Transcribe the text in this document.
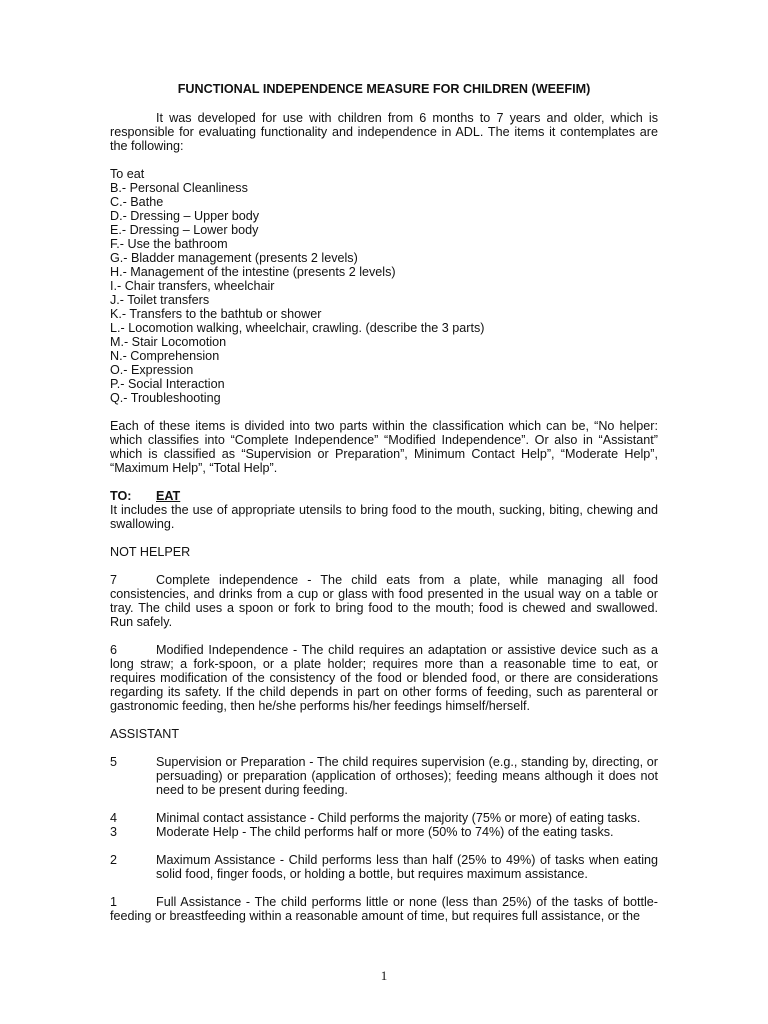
FUNCTIONAL INDEPENDENCE MEASURE FOR CHILDREN (WEEFIM)

It was developed for use with children from 6 months to 7 years and older, which is responsible for evaluating functionality and independence in ADL. The items it contemplates are the following:

To eat
B.- Personal Cleanliness
C.- Bathe
D.- Dressing – Upper body
E.- Dressing – Lower body
F.- Use the bathroom
G.- Bladder management (presents 2 levels)
H.- Management of the intestine (presents 2 levels)
I.- Chair transfers, wheelchair
J.- Toilet transfers
K.- Transfers to the bathtub or shower
L.- Locomotion walking, wheelchair, crawling. (describe the 3 parts)
M.- Stair Locomotion
N.- Comprehension
O.- Expression
P.- Social Interaction
Q.- Troubleshooting

Each of these items is divided into two parts within the classification which can be, “No helper: which classifies into “Complete Independence” “Modified Independence”. Or also in “Assistant” which is classified as “Supervision or Preparation”, Minimum Contact Help”, “Moderate Help”, “Maximum Help”, “Total Help”.

TO: EAT

It includes the use of appropriate utensils to bring food to the mouth, sucking, biting, chewing and swallowing.

NOT HELPER

7	Complete independence - The child eats from a plate, while managing all food consistencies, and drinks from a cup or glass with food presented in the usual way on a table or tray. The child uses a spoon or fork to bring food to the mouth; food is chewed and swallowed. Run safely.
6	Modified Independence - The child requires an adaptation or assistive device such as a long straw; a fork-spoon, or a plate holder; requires more than a reasonable time to eat, or requires modification of the consistency of the food or blended food, or there are considerations regarding its safety. If the child depends in part on other forms of feeding, such as parenteral or gastronomic feeding, then he/she performs his/her feedings himself/herself.

ASSISTANT

5	Supervision or Preparation - The child requires supervision (e.g., standing by, directing, or persuading) or preparation (application of orthoses); feeding means although it does not need to be present during feeding.
4	Minimal contact assistance - Child performs the majority (75% or more) of eating tasks.
3	Moderate Help - The child performs half or more (50% to 74%) of the eating tasks.
2	Maximum Assistance - Child performs less than half (25% to 49%) of tasks when eating solid food, finger foods, or holding a bottle, but requires maximum assistance.
1	Full Assistance - The child performs little or none (less than 25%) of the tasks of bottle-feeding or breastfeeding within a reasonable amount of time, but requires full assistance, or the
1
